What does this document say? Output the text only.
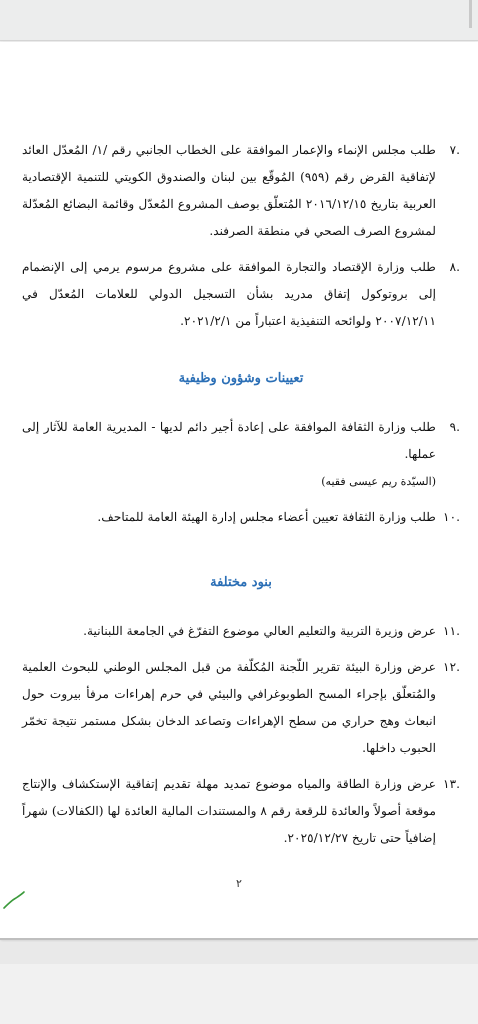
.٧
طلب مجلس الإنماء والإعمار الموافقة على الخطاب الجانبي رقم /١/ المُعدّل العائد لإتفاقية القرض رقم (٩٥٩) المُوقّع بين لبنان والصندوق الكويتي للتنمية الإقتصادية العربية بتاريخ ٢٠١٦/١٢/١٥ المُتعلّق بوصف المشروع المُعدّل وقائمة البضائع المُعدّلة لمشروع الصرف الصحي في منطقة الصرفند.
.٨
طلب وزارة الإقتصاد والتجارة الموافقة على مشروع مرسوم يرمي إلى الإنضمام إلى بروتوكول إتفاق مدريد بشأن التسجيل الدولي للعلامات المُعدّل في ٢٠٠٧/١٢/١١ ولوائحه التنفيذية اعتباراً من ٢٠٢١/٢/١.
تعيينات وشؤون وظيفية
.٩
طلب وزارة الثقافة الموافقة على إعادة أجير دائم لديها - المديرية العامة للآثار إلى عملها.
(السيّدة ريم عيسى فقيه)
.١٠
طلب وزارة الثقافة تعيين أعضاء مجلس إدارة الهيئة العامة للمتاحف.
بنود مختلفة
.١١
عرض وزيرة التربية والتعليم العالي موضوع التفرّغ في الجامعة اللبنانية.
.١٢
عرض وزارة البيئة تقرير اللّجنة المُكلّفة من قبل المجلس الوطني للبحوث العلمية والمُتعلّق بإجراء المسح الطوبوغرافي والبيئي في حرم إهراءات مرفأ بيروت حول انبعاث وهج حراري من سطح الإهراءات وتصاعد الدخان بشكل مستمر نتيجة تخمّر الحبوب داخلها.
.١٣
عرض وزارة الطاقة والمياه موضوع تمديد مهلة تقديم إتفاقية الإستكشاف والإنتاج موقعة أصولاً والعائدة للرقعة رقم ٨ والمستندات المالية العائدة لها (الكفالات) شهراً إضافياً حتى تاريخ ٢٠٢٥/١٢/٢٧.
٢
